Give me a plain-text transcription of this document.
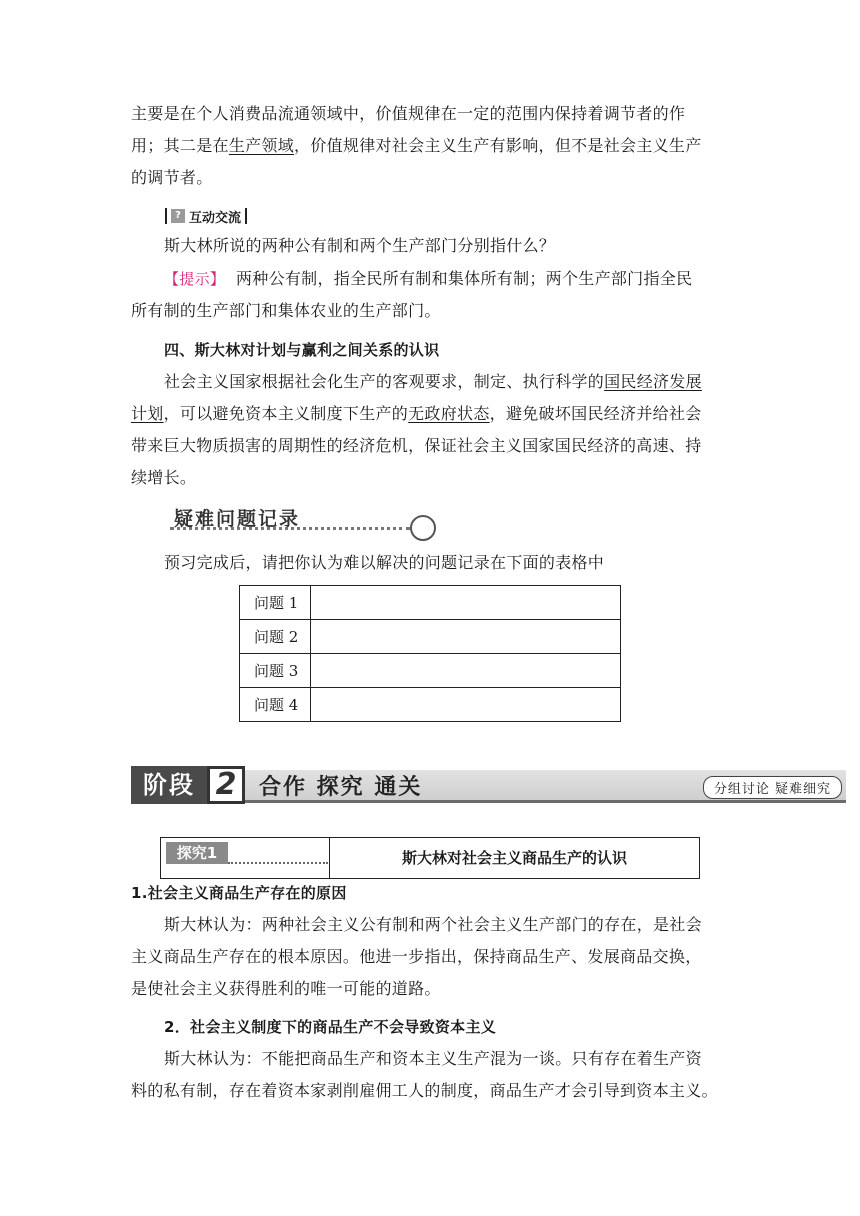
主要是在个人消费品流通领域中，价值规律在一定的范围内保持着调节者的作
用；其二是在生产领域，价值规律对社会主义生产有影响，但不是社会主义生产
的调节者。
? 互动交流
斯大林所说的两种公有制和两个生产部门分别指什么？
【提示】 两种公有制，指全民所有制和集体所有制；两个生产部门指全民
所有制的生产部门和集体农业的生产部门。
四、斯大林对计划与赢利之间关系的认识
社会主义国家根据社会化生产的客观要求，制定、执行科学的国民经济发展
计划，可以避免资本主义制度下生产的无政府状态，避免破坏国民经济并给社会
带来巨大物质损害的周期性的经济危机，保证社会主义国家国民经济的高速、持
续增长。
疑难问题记录
预习完成后，请把你认为难以解决的问题记录在下面的表格中
问题 1	
问题 2	
问题 3	
问题 4	
阶段 2	合作 探究 通关	分组讨论 疑难细究
探究1	斯大林对社会主义商品生产的认识
1.社会主义商品生产存在的原因
斯大林认为：两种社会主义公有制和两个社会主义生产部门的存在，是社会
主义商品生产存在的根本原因。他进一步指出，保持商品生产、发展商品交换，
是使社会主义获得胜利的唯一可能的道路。
2．社会主义制度下的商品生产不会导致资本主义
斯大林认为：不能把商品生产和资本主义生产混为一谈。只有存在着生产资
料的私有制，存在着资本家剥削雇佣工人的制度，商品生产才会引导到资本主义。
